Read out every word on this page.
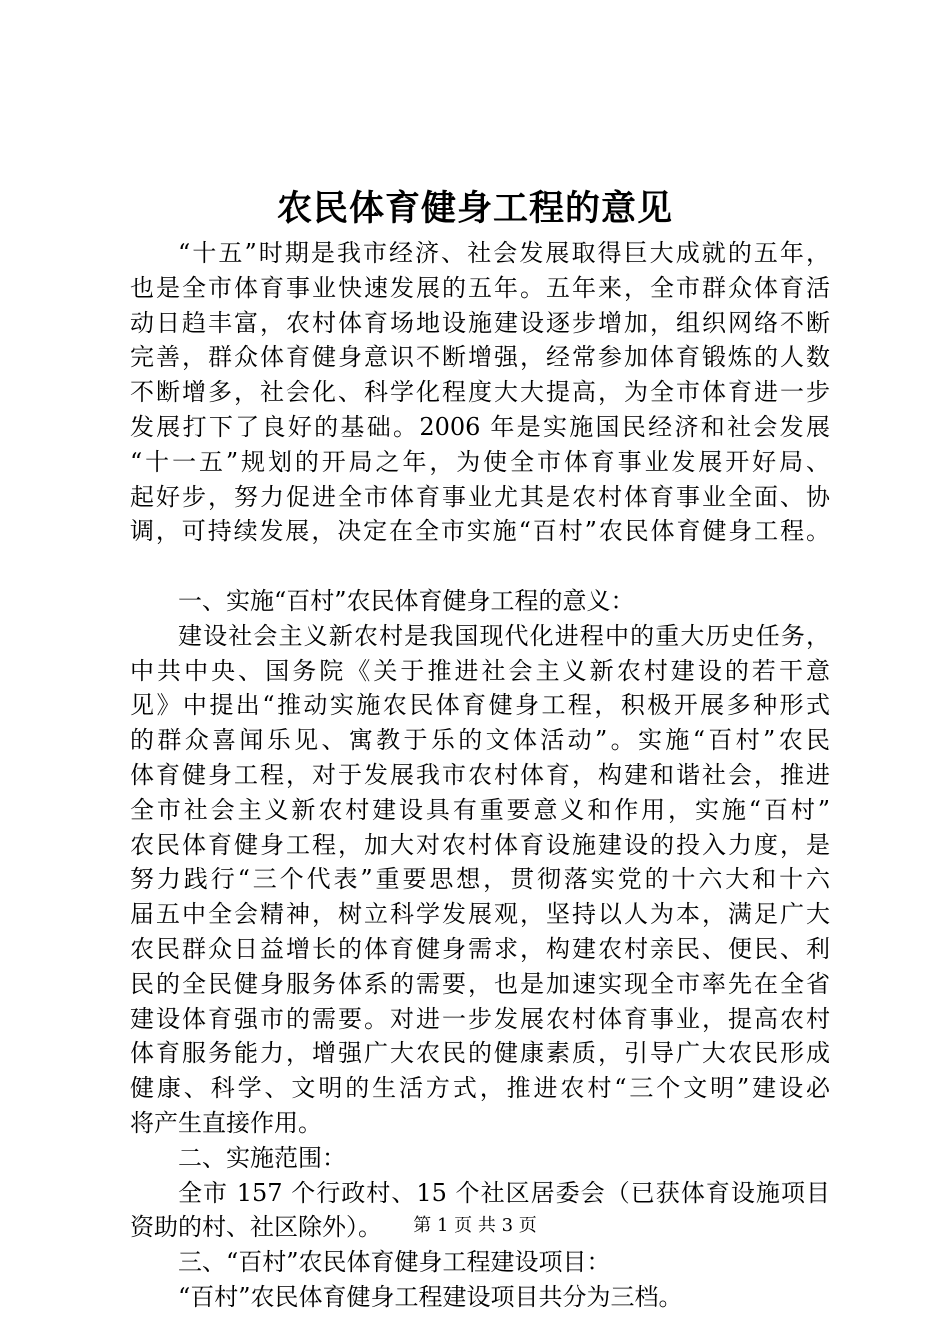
农民体育健身工程的意见
“十五”时期是我市经济、社会发展取得巨大成就的五年，
也是全市体育事业快速发展的五年。五年来，全市群众体育活
动日趋丰富，农村体育场地设施建设逐步增加，组织网络不断
完善，群众体育健身意识不断增强，经常参加体育锻炼的人数
不断增多，社会化、科学化程度大大提高，为全市体育进一步
发展打下了良好的基础。2006 年是实施国民经济和社会发展
“十一五”规划的开局之年，为使全市体育事业发展开好局、
起好步，努力促进全市体育事业尤其是农村体育事业全面、协
调，可持续发展，决定在全市实施“百村”农民体育健身工程。
一、实施“百村”农民体育健身工程的意义：
建设社会主义新农村是我国现代化进程中的重大历史任务，
中共中央、国务院《关于推进社会主义新农村建设的若干意
见》中提出“推动实施农民体育健身工程，积极开展多种形式
的群众喜闻乐见、寓教于乐的文体活动”。实施“百村”农民
体育健身工程，对于发展我市农村体育，构建和谐社会，推进
全市社会主义新农村建设具有重要意义和作用，实施“百村”
农民体育健身工程，加大对农村体育设施建设的投入力度，是
努力践行“三个代表”重要思想，贯彻落实党的十六大和十六
届五中全会精神，树立科学发展观，坚持以人为本，满足广大
农民群众日益增长的体育健身需求，构建农村亲民、便民、利
民的全民健身服务体系的需要，也是加速实现全市率先在全省
建设体育强市的需要。对进一步发展农村体育事业，提高农村
体育服务能力，增强广大农民的健康素质，引导广大农民形成
健康、科学、文明的生活方式，推进农村“三个文明”建设必
将产生直接作用。
二、实施范围：
全市 157 个行政村、15 个社区居委会（已获体育设施项目
资助的村、社区除外）。
三、“百村”农民体育健身工程建设项目：
“百村”农民体育健身工程建设项目共分为三档。
第 1 页 共 3 页
